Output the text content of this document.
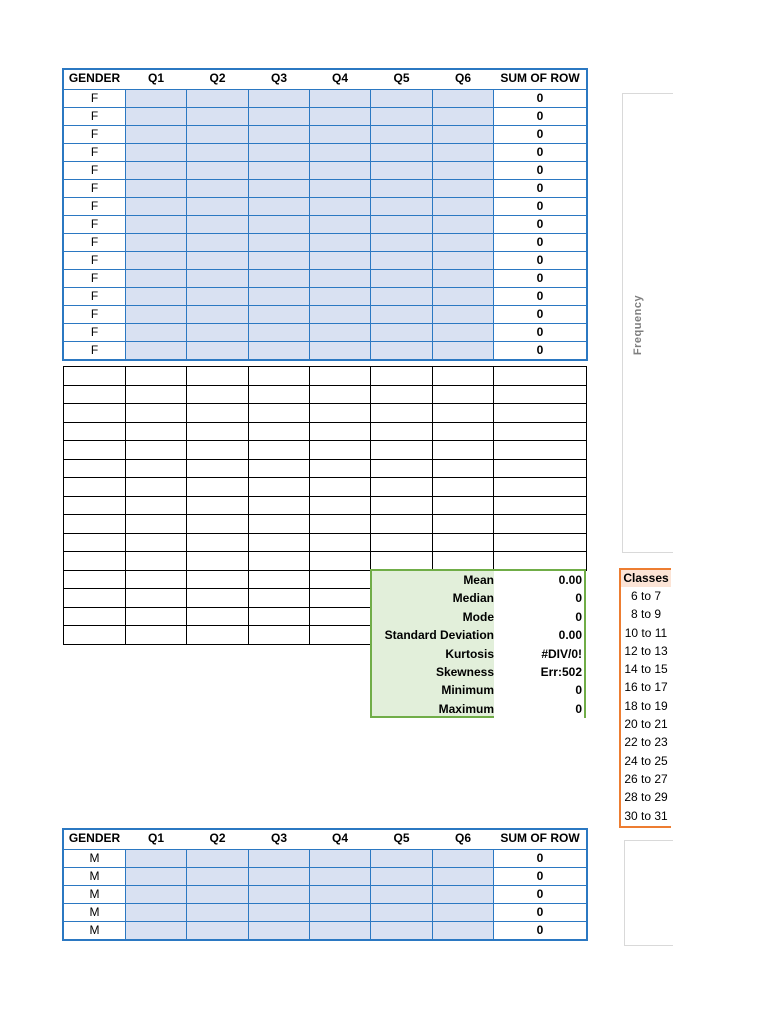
GENDER	Q1	Q2	Q3	Q4	Q5	Q6	SUM OF ROW
F							0
F							0
F							0
F							0
F							0
F							0
F							0
F							0
F							0
F							0
F							0
F							0
F							0
F							0
F							0

Mean	0.00
Median	0
Mode	0
Standard Deviation	0.00
Kurtosis	#DIV/0!
Skewness	Err:502
Minimum	0
Maximum	0
Frequency
Classes
6 to 7
8 to 9
10 to 11
12 to 13
14 to 15
16 to 17
18 to 19
20 to 21
22 to 23
24 to 25
26 to 27
28 to 29
30 to 31
GENDER	Q1	Q2	Q3	Q4	Q5	Q6	SUM OF ROW
M							0
M							0
M							0
M							0
M							0
